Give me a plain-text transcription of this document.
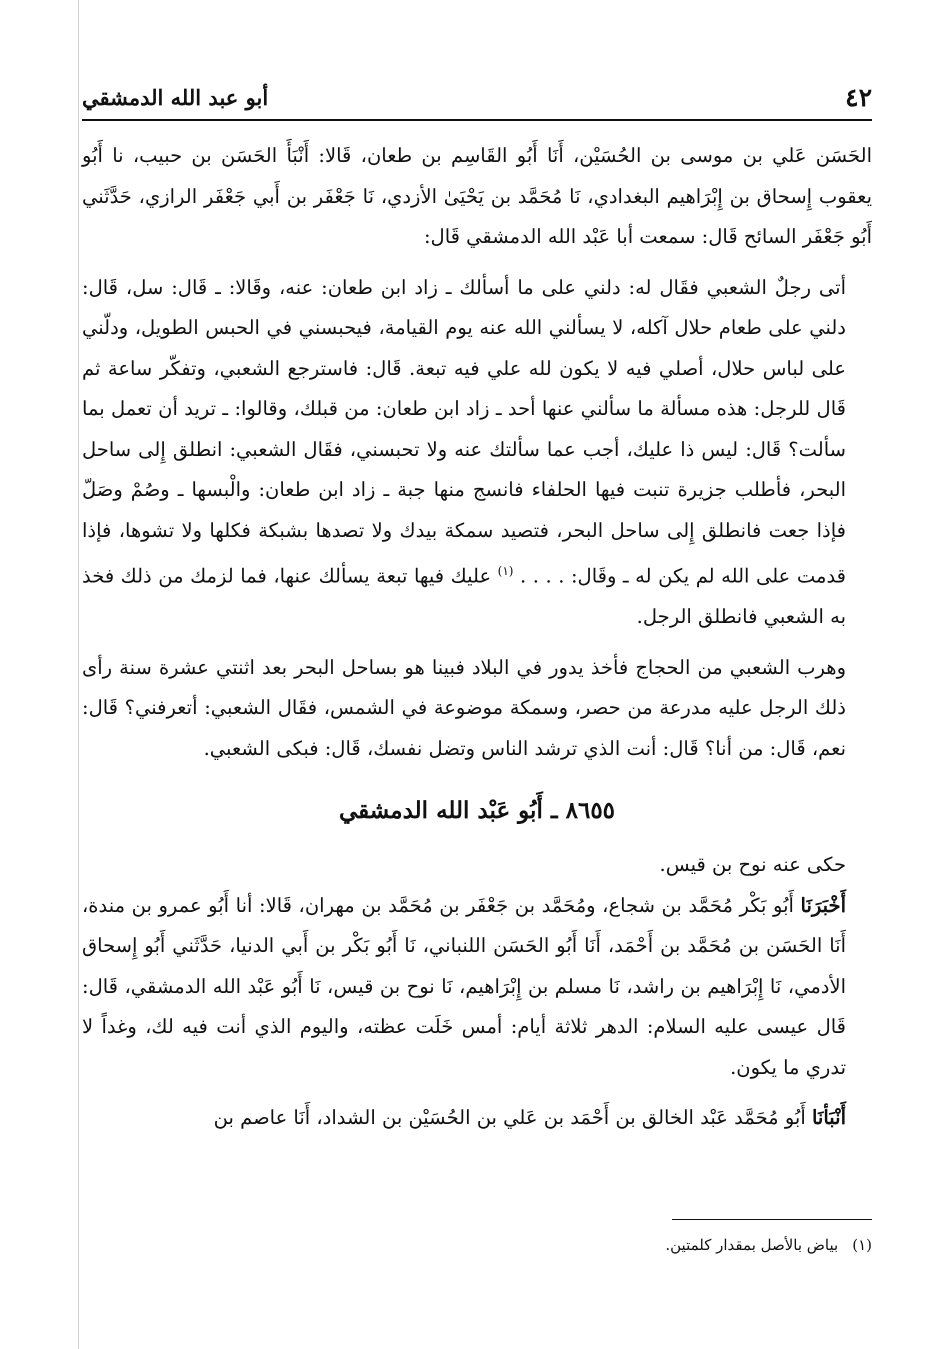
٤٢
أبو عبد الله الدمشقي

الحَسَن عَلي بن موسى بن الحُسَيْن، أَنَا أَبُو القَاسِم بن طعان، قَالا: أَنْبَأَ الحَسَن بن حبيب، نا أَبُو يعقوب إِسحاق بن إِبْرَاهيم البغدادي، نَا مُحَمَّد بن يَحْيَىٰ الأزدي، نَا جَعْفَر بن أَبي جَعْفَر الرازي، حَدَّثَني أَبُو جَعْفَر السائح قَال: سمعت أبا عَبْد الله الدمشقي قَال:

أتى رجلٌ الشعبي فقَال له: دلني على ما أسألك ـ زاد ابن طعان: عنه، وقَالا: ـ قَال: سل، قَال: دلني على طعام حلال آكله، لا يسألني الله عنه يوم القيامة، فيحبسني في الحبس الطويل، ودلّني على لباس حلال، أصلي فيه لا يكون لله علي فيه تبعة. قَال: فاسترجع الشعبي، وتفكّر ساعة ثم قَال للرجل: هذه مسألة ما سألني عنها أحد ـ زاد ابن طعان: من قبلك، وقالوا: ـ تريد أن تعمل بما سألت؟ قَال: ليس ذا عليك، أجب عما سألتك عنه ولا تحبسني، فقَال الشعبي: انطلق إِلى ساحل البحر، فأطلب جزيرة تنبت فيها الحلفاء فانسج منها جبة ـ زاد ابن طعان: والْبسها ـ وصُمْ وصَلّ فإذا جعت فانطلق إِلى ساحل البحر، فتصيد سمكة بيدك ولا تصدها بشبكة فكلها ولا تشوها، فإذا قدمت على الله لم يكن له ـ وقَال: . . . . $^{(١)}$ عليك فيها تبعة يسألك عنها، فما لزمك من ذلك فخذ به الشعبي فانطلق الرجل.

وهرب الشعبي من الحجاج فأخذ يدور في البلاد فبينا هو بساحل البحر بعد اثنتي عشرة سنة رأى ذلك الرجل عليه مدرعة من حصر، وسمكة موضوعة في الشمس، فقَال الشعبي: أتعرفني؟ قَال: نعم، قَال: من أنا؟ قَال: أنت الذي ترشد الناس وتضل نفسك، قَال: فبكى الشعبي.

٨٦٥٥ ـ أَبُو عَبْد الله الدمشقي

حكى عنه نوح بن قيس.

أَخْبَرَنَا أَبُو بَكْر مُحَمَّد بن شجاع، ومُحَمَّد بن جَعْفَر بن مُحَمَّد بن مهران، قَالا: أنا أَبُو عمرو بن مندة، أَنَا الحَسَن بن مُحَمَّد بن أَحْمَد، أَنَا أَبُو الحَسَن اللنباني، نَا أَبُو بَكْر بن أَبي الدنيا، حَدَّثَني أَبُو إِسحاق الأدمي، نَا إِبْرَاهيم بن راشد، نَا مسلم بن إِبْرَاهيم، نَا نوح بن قيس، نَا أَبُو عَبْد الله الدمشقي، قَال: قَال عيسى عليه السلام: الدهر ثلاثة أيام: أمس خَلَت عظته، واليوم الذي أنت فيه لك، وغداً لا تدري ما يكون.

أَنْبَأنَا أَبُو مُحَمَّد عَبْد الخالق بن أَحْمَد بن عَلي بن الحُسَيْن بن الشداد، أَنَا عاصم بن

(١)بياض بالأصل بمقدار كلمتين.
